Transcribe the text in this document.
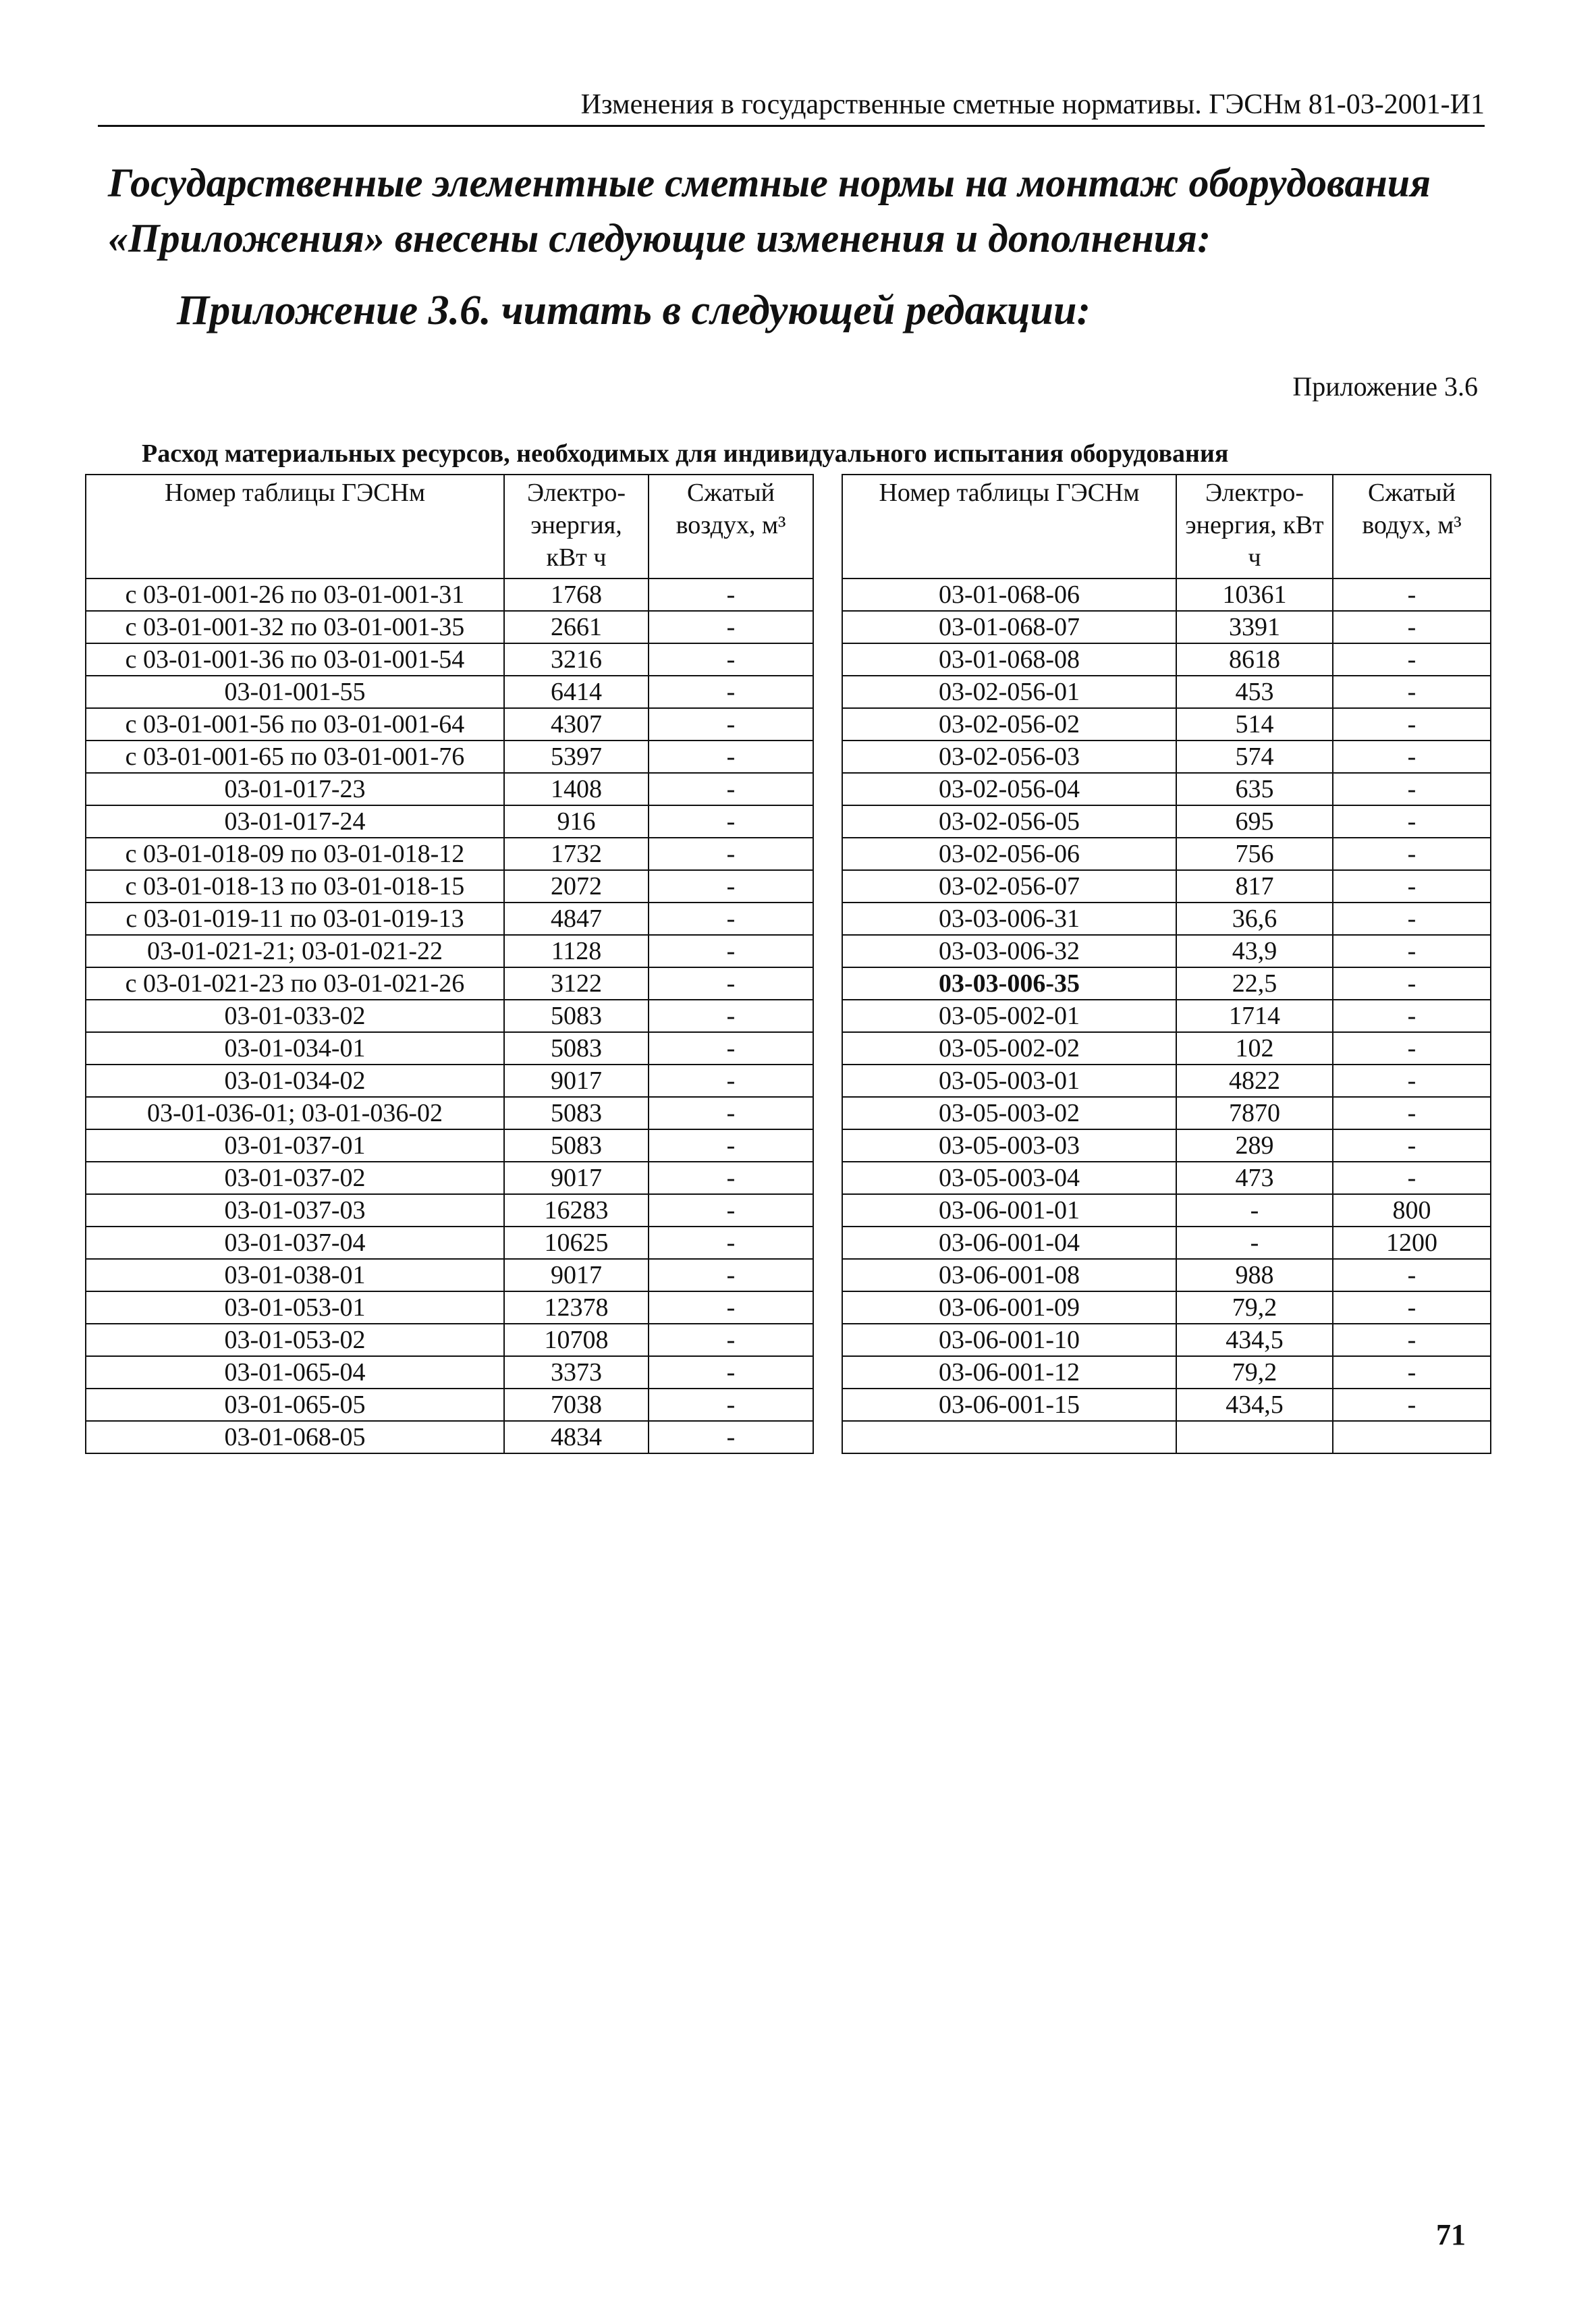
Изменения в государственные сметные нормативы. ГЭСНм 81-03-2001-И1
Государственные элементные сметные нормы на монтаж оборудования
«Приложения» внесены следующие изменения и дополнения:
Приложение 3.6. читать в следующей редакции:
Приложение 3.6
Расход материальных ресурсов, необходимых для индивидуального испытания оборудования
Номер таблицы ГЭСНм	Электро-энергия, кВт ч	Сжатый воздух, м³
с 03-01-001-26 по 03-01-001-31	1768	-
с 03-01-001-32 по 03-01-001-35	2661	-
с 03-01-001-36 по 03-01-001-54	3216	-
03-01-001-55	6414	-
с 03-01-001-56 по 03-01-001-64	4307	-
с 03-01-001-65 по 03-01-001-76	5397	-
03-01-017-23	1408	-
03-01-017-24	916	-
с 03-01-018-09 по 03-01-018-12	1732	-
с 03-01-018-13 по 03-01-018-15	2072	-
с 03-01-019-11 по 03-01-019-13	4847	-
03-01-021-21; 03-01-021-22	1128	-
с 03-01-021-23 по 03-01-021-26	3122	-
03-01-033-02	5083	-
03-01-034-01	5083	-
03-01-034-02	9017	-
03-01-036-01; 03-01-036-02	5083	-
03-01-037-01	5083	-
03-01-037-02	9017	-
03-01-037-03	16283	-
03-01-037-04	10625	-
03-01-038-01	9017	-
03-01-053-01	12378	-
03-01-053-02	10708	-
03-01-065-04	3373	-
03-01-065-05	7038	-
03-01-068-05	4834	-
Номер таблицы ГЭСНм	Электро-энергия, кВт ч	Сжатый водух, м³
03-01-068-06	10361	-
03-01-068-07	3391	-
03-01-068-08	8618	-
03-02-056-01	453	-
03-02-056-02	514	-
03-02-056-03	574	-
03-02-056-04	635	-
03-02-056-05	695	-
03-02-056-06	756	-
03-02-056-07	817	-
03-03-006-31	36,6	-
03-03-006-32	43,9	-
03-03-006-35	22,5	-
03-05-002-01	1714	-
03-05-002-02	102	-
03-05-003-01	4822	-
03-05-003-02	7870	-
03-05-003-03	289	-
03-05-003-04	473	-
03-06-001-01	-	800
03-06-001-04	-	1200
03-06-001-08	988	-
03-06-001-09	79,2	-
03-06-001-10	434,5	-
03-06-001-12	79,2	-
03-06-001-15	434,5	-

71
